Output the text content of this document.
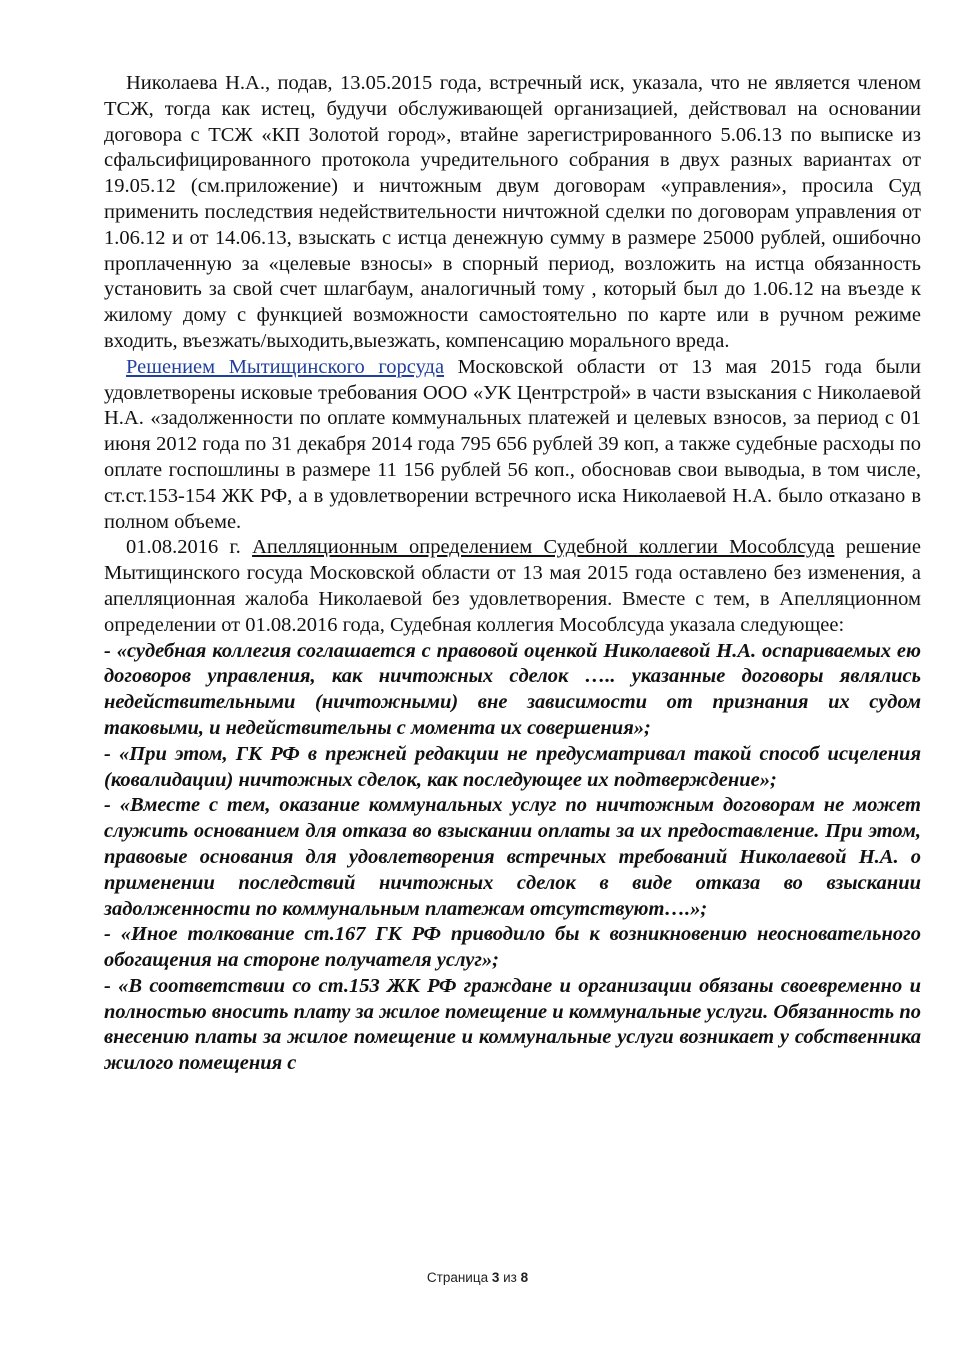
Николаева Н.А., подав, 13.05.2015 года, встречный иск, указала, что не является членом ТСЖ, тогда как истец, будучи обслуживающей организацией, действовал на основании договора с ТСЖ «КП Золотой город», втайне зарегистрированного 5.06.13 по выписке из сфальсифицированного протокола учредительного собрания в двух разных вариантах от 19.05.12 (см.приложение) и ничтожным двум договорам «управления», просила Суд применить последствия недействительности ничтожной сделки по договорам управления от 1.06.12 и от 14.06.13, взыскать с истца денежную сумму в размере 25000 рублей, ошибочно проплаченную за «целевые взносы» в спорный период, возложить на истца обязанность установить за свой счет шлагбаум, аналогичный тому , который был до 1.06.12 на въезде к жилому дому с функцией возможности самостоятельно по карте или в ручном режиме входить, въезжать/выходить,выезжать, компенсацию морального вреда.

Решением Мытищинского горсуда Московской области от 13 мая 2015 года были удовлетворены исковые требования ООО «УК Центрстрой» в части взыскания с Николаевой Н.А. «задолженности по оплате коммунальных платежей и целевых взносов, за период с 01 июня 2012 года по 31 декабря 2014 года 795 656 рублей 39 коп, а также судебные расходы по оплате госпошлины в размере 11 156 рублей 56 коп., обосновав свои выводыа, в том числе, ст.ст.153-154 ЖК РФ, а в удовлетворении встречного иска Николаевой Н.А. было отказано в полном объеме.

01.08.2016 г. Апелляционным определением Судебной коллегии Мособлсуда решение Мытищинского госуда Московской области от 13 мая 2015 года оставлено без изменения, а апелляционная жалоба Николаевой без удовлетворения. Вместе с тем, в Апелляционном определении от 01.08.2016 года, Судебная коллегия Мособлсуда указала следующее:

- «судебная коллегия соглашается с правовой оценкой Николаевой Н.А. оспариваемых ею договоров управления, как ничтожных сделок ….. указанные договоры являлись недействительными (ничтожными) вне зависимости от признания их судом таковыми, и недействительны с момента их совершения»;

- «При этом, ГК РФ в прежней редакции не предусматривал такой способ исцеления (ковалидации) ничтожных сделок, как последующее их подтверждение»;

- «Вместе с тем, оказание коммунальных услуг по ничтожным договорам не может служить основанием для отказа во взыскании оплаты за их предоставление. При этом, правовые основания для удовлетворения встречных требований Николаевой Н.А. о применении последствий ничтожных сделок в виде отказа во взыскании задолженности по коммунальным платежам отсутствуют….»;

- «Иное толкование ст.167 ГК РФ приводило бы к возникновению неосновательного обогащения на стороне получателя услуг»;

- «В соответствии со ст.153 ЖК РФ граждане и организации обязаны своевременно и полностью вносить плату за жилое помещение и коммунальные услуги. Обязанность по внесению платы за жилое помещение и коммунальные услуги возникает у собственника жилого помещения с

Страница 3 из 8
